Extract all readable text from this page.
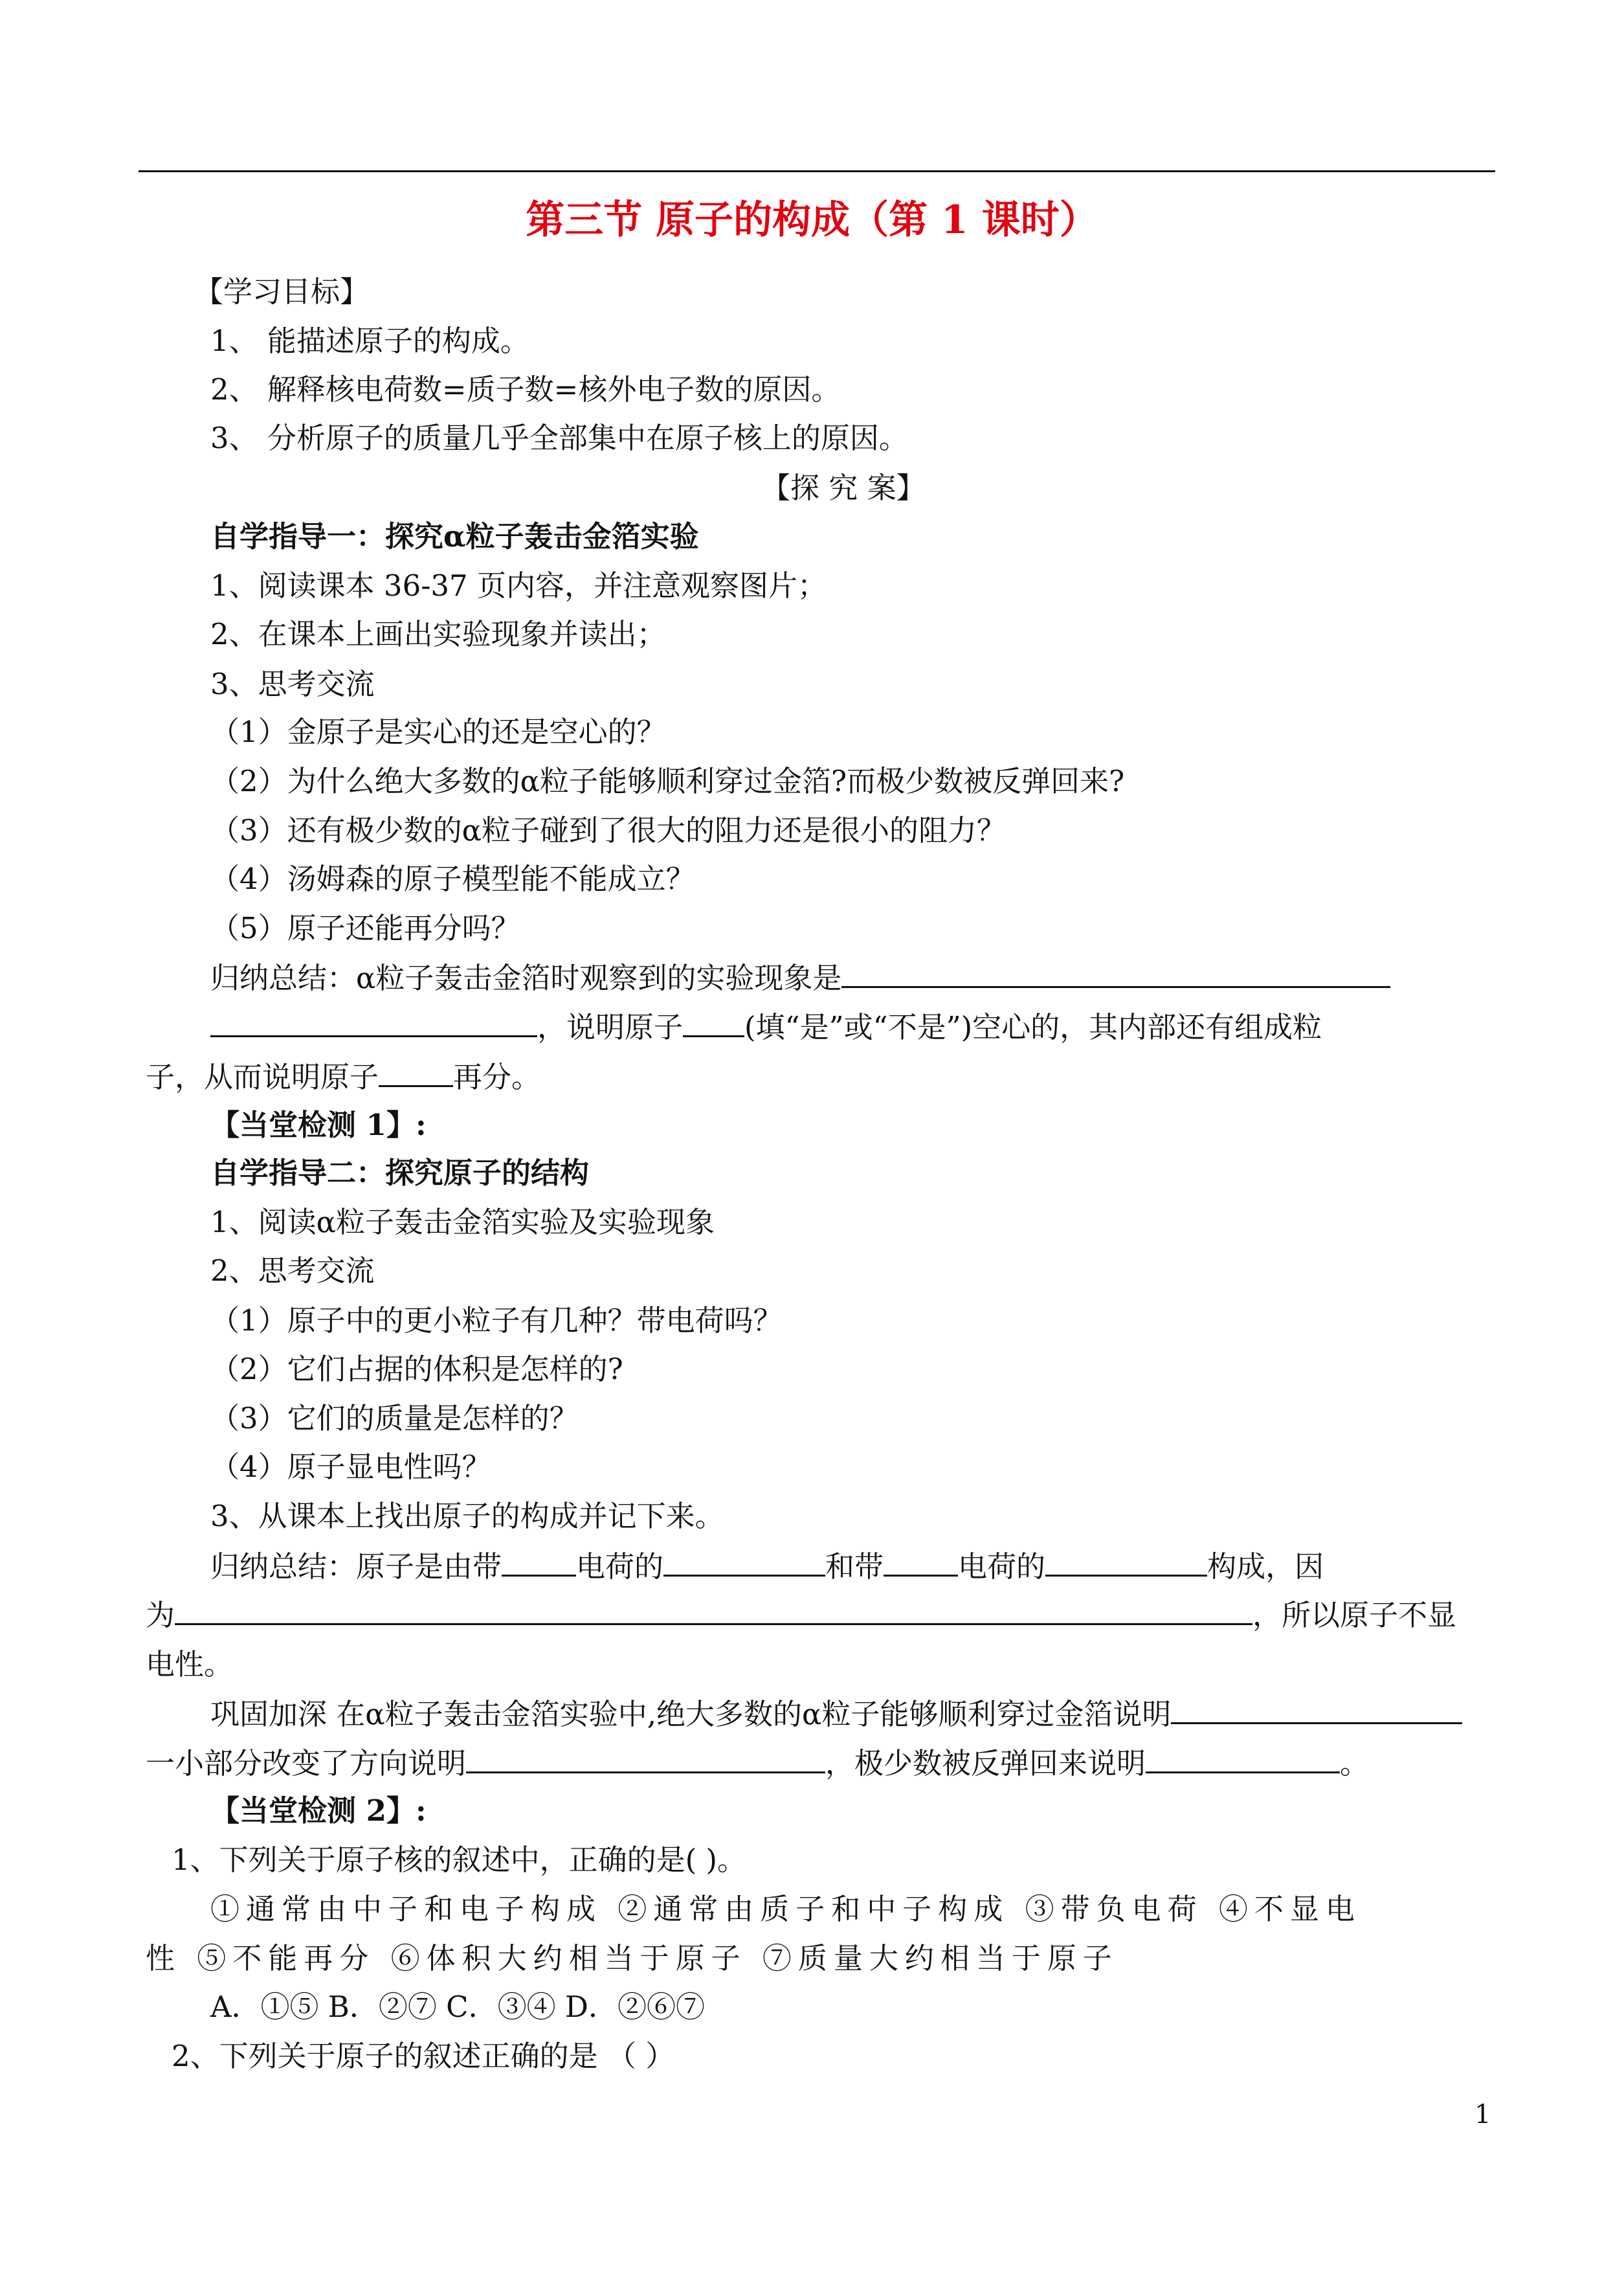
第三节 原子的构成（第 1 课时）
【学习目标】
1、 能描述原子的构成。
2、 解释核电荷数=质子数=核外电子数的原因。
3、 分析原子的质量几乎全部集中在原子核上的原因。
【探 究 案】
自学指导一：探究α粒子轰击金箔实验
1、阅读课本 36-37 页内容，并注意观察图片；
2、在课本上画出实验现象并读出；
3、思考交流
（1）金原子是实心的还是空心的？
（2）为什么绝大多数的α粒子能够顺利穿过金箔?而极少数被反弹回来?
（3）还有极少数的α粒子碰到了很大的阻力还是很小的阻力？
（4）汤姆森的原子模型能不能成立？
（5）原子还能再分吗？
归纳总结：α粒子轰击金箔时观察到的实验现象是
，说明原子 (填“是”或“不是”)空心的，其内部还有组成粒
子，从而说明原子	再分。
【当堂检测 1】:
自学指导二：探究原子的结构
1、阅读α粒子轰击金箔实验及实验现象
2、思考交流
（1）原子中的更小粒子有几种？带电荷吗？
（2）它们占据的体积是怎样的?
（3）它们的质量是怎样的？
（4）原子显电性吗？
3、从课本上找出原子的构成并记下来。
归纳总结：原子是由带	电荷的	和带	电荷的	构成，因
为	，所以原子不显
电性。
巩固加深 在α粒子轰击金箔实验中,绝大多数的α粒子能够顺利穿过金箔说明
一小部分改变了方向说明	，极少数被反弹回来说明	。
【当堂检测 2】:
1、下列关于原子核的叙述中，正确的是( )。
①通常由中子和电子构成 ②通常由质子和中子构成 ③带负电荷 ④不显电
性 ⑤不能再分 ⑥体积大约相当于原子 ⑦质量大约相当于原子
A．①⑤ B．②⑦ C．③④ D．②⑥⑦
2、下列关于原子的叙述正确的是 （ ）
1
